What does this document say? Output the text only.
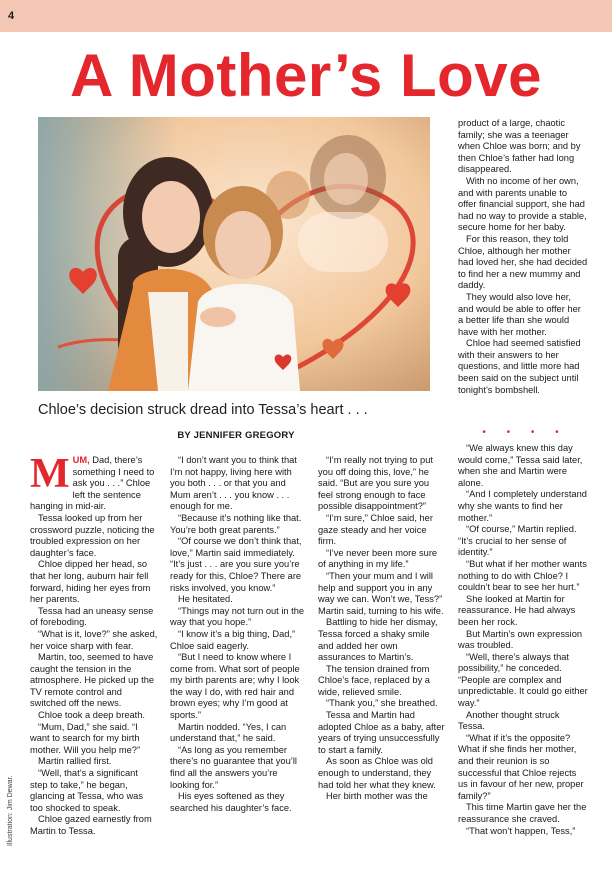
4
A Mother’s Love
Chloe’s decision struck dread into Tessa’s heart . . .
BY JENNIFER GREGORY

MUM, Dad, there’s something I need to ask you . . .” Chloe left the sentence hanging in mid-air.

Tessa looked up from her crossword puzzle, noticing the troubled expression on her daughter’s face.

Chloe dipped her head, so that her long, auburn hair fell forward, hiding her eyes from her parents.

Tessa had an uneasy sense of foreboding.

“What is it, love?” she asked, her voice sharp with fear.

Martin, too, seemed to have caught the tension in the atmosphere. He picked up the TV remote control and switched off the news.

Chloe took a deep breath.

“Mum, Dad,” she said. “I want to search for my birth mother. Will you help me?”

Martin rallied first.

“Well, that’s a significant step to take,” he began, glancing at Tessa, who was too shocked to speak.

Chloe gazed earnestly from Martin to Tessa.

“I don’t want you to think that I’m not happy, living here with you both . . . or that you and Mum aren’t . . . you know . . . enough for me.

“Because it’s nothing like that. You’re both great parents.”

“Of course we don’t think that, love,” Martin said immediately. “It’s just . . . are you sure you’re ready for this, Chloe? There are risks involved, you know.”

He hesitated.

“Things may not turn out in the way that you hope.”

“I know it’s a big thing, Dad,” Chloe said eagerly.

“But I need to know where I come from. What sort of people my birth parents are; why I look the way I do, with red hair and brown eyes; why I’m good at sports.”

Martin nodded. “Yes, I can understand that,” he said.

“As long as you remember there’s no guarantee that you’ll find all the answers you’re looking for.”

His eyes softened as they searched his daughter’s face.

“I’m really not trying to put you off doing this, love,” he said. “But are you sure you feel strong enough to face possible disappointment?”

“I’m sure,” Chloe said, her gaze steady and her voice firm.

“I’ve never been more sure of anything in my life.”

“Then your mum and I will help and support you in any way we can. Won’t we, Tess?” Martin said, turning to his wife.

Battling to hide her dismay, Tessa forced a shaky smile and added her own assurances to Martin’s.

The tension drained from Chloe’s face, replaced by a wide, relieved smile.

“Thank you,” she breathed.

Tessa and Martin had adopted Chloe as a baby, after years of trying unsuccessfully to start a family.

As soon as Chloe was old enough to understand, they had told her what they knew.

Her birth mother was the

product of a large, chaotic family; she was a teenager when Chloe was born; and by then Chloe’s father had long disappeared.

With no income of her own, and with parents unable to offer financial support, she had had no way to provide a stable, secure home for her baby.

For this reason, they told Chloe, although her mother had loved her, she had decided to find her a new mummy and daddy.

They would also love her, and would be able to offer her a better life than she would have with her mother.

Chloe had seemed satisfied with their answers to her questions, and little more had been said on the subject until tonight’s bombshell.

• • • •

“We always knew this day would come,” Tessa said later, when she and Martin were alone.

“And I completely understand why she wants to find her mother.”

“Of course,” Martin replied. “It’s crucial to her sense of identity.”

“But what if her mother wants nothing to do with Chloe? I couldn’t bear to see her hurt.”

She looked at Martin for reassurance. He had always been her rock.

But Martin’s own expression was troubled.

“Well, there’s always that possibility,” he conceded. “People are complex and unpredictable. It could go either way.”

Another thought struck Tessa.

“What if it’s the opposite? What if she finds her mother, and their reunion is so successful that Chloe rejects us in favour of her new, proper family?”

This time Martin gave her the reassurance she craved.

“That won’t happen, Tess,”

Illustration: Jim Dewar.
